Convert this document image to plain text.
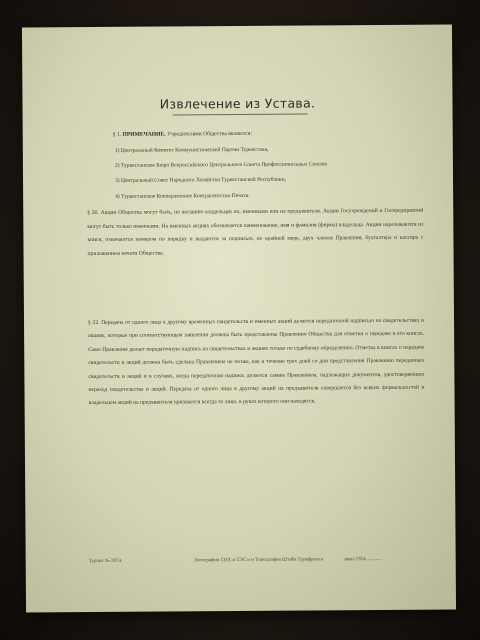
Извлечение из Устава.
§ 1. ПРИМЕЧАНИЕ. Учредителями Общества являются:
1) Центральный Комитет Коммунистической Партии Туркестана,
2) Туркестанское Бюро Всероссийского Центрального Совета Профессиональных Союзов
3) Центральный Совет Народного Хозяйства Туркестанской Республики,
4) Туркестанское Кооперативное Контрагентство Печати.
§ 20. Акции Общества могут быть, по желанию владельцев их, именными или на предъявителя. Акции Госучреждений и Госпредприятий могут быть только именными. На именных акциях обозначается наименование, имя и фамилия (фирма) владельца. Акции нарезываются из книги, означаются номером по порядку и выдаются за подписью, по крайней мере, двух членов Правления, бухгалтера и кассира с приложением печати Общества.
§ 22. Передача от одного лица к другому временных свидетельств и именных акций делается передаточной надписью на свидетельствах и акциях, которые при соответствующем заявлении должны быть представлены Правлению Общества для отметки о передаче в его книгах. Само Правление делает передаточную надпись на свидетельствах и акциях только по судебному определению. Отметка в книгах о передаче свидетельств и акций должна быть сделана Правлением не позже, как в течение трех дней со дня представления Правлению переданных свидетельств и акций и в случаях, когда передаточная надпись делается самим Правлением, надлежащих документов, удостоверяющих переход свидетельства и акций. Передача от одного лица к другому акций на предъявителя совершается без всяких формальностей и владельцем акций на предъявителя признается всегда то лицо, в руках которого они находятся.
Турлит № 2074.	Литография СНХ и ТЭС и и Типография Штаба Туркфронта	заказ 1924 ............
